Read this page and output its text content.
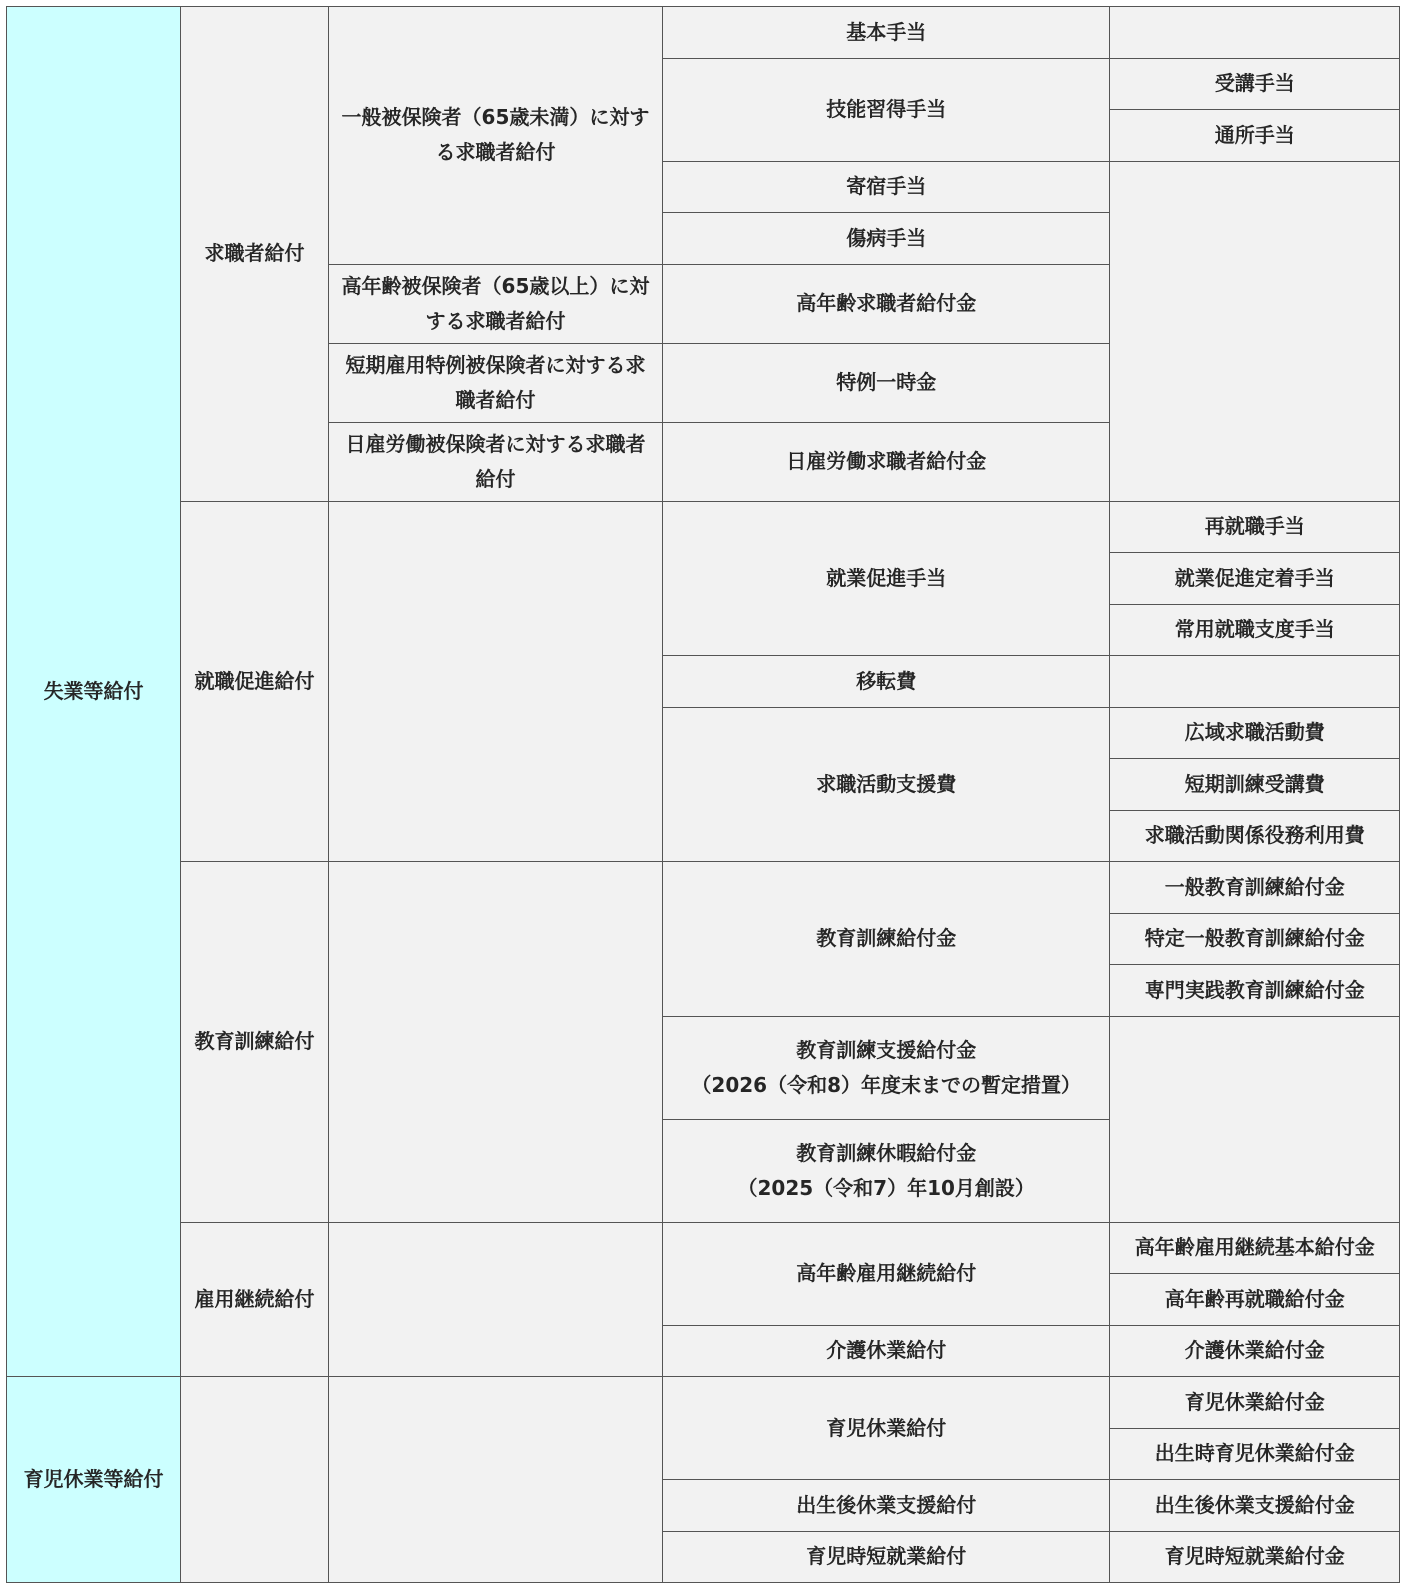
失業等給付	求職者給付	一般被保険者（65歳未満）に対する求職者給付	基本手当	
			技能習得手当	受講手当
				通所手当
			寄宿手当	
			傷病手当	
		高年齢被保険者（65歳以上）に対する求職者給付	高年齢求職者給付金	
		短期雇用特例被保険者に対する求職者給付	特例一時金	
		日雇労働被保険者に対する求職者給付	日雇労働求職者給付金	

	就職促進給付		就業促進手当	再就職手当
				就業促進定着手当
				常用就職支度手当
			移転費	
			求職活動支援費	広域求職活動費
				短期訓練受講費
				求職活動関係役務利用費
	教育訓練給付		教育訓練給付金	一般教育訓練給付金
				特定一般教育訓練給付金
				専門実践教育訓練給付金
			教育訓練支援給付金
（2026（令和8）年度末までの暫定措置）	
			教育訓練休暇給付金
（2025（令和7）年10月創設）	
	雇用継続給付		高年齢雇用継続給付	高年齢雇用継続基本給付金
				高年齢再就職給付金
			介護休業給付	介護休業給付金

育児休業等給付			育児休業給付	育児休業給付金
				出生時育児休業給付金
			出生後休業支援給付	出生後休業支援給付金
			育児時短就業給付	育児時短就業給付金
